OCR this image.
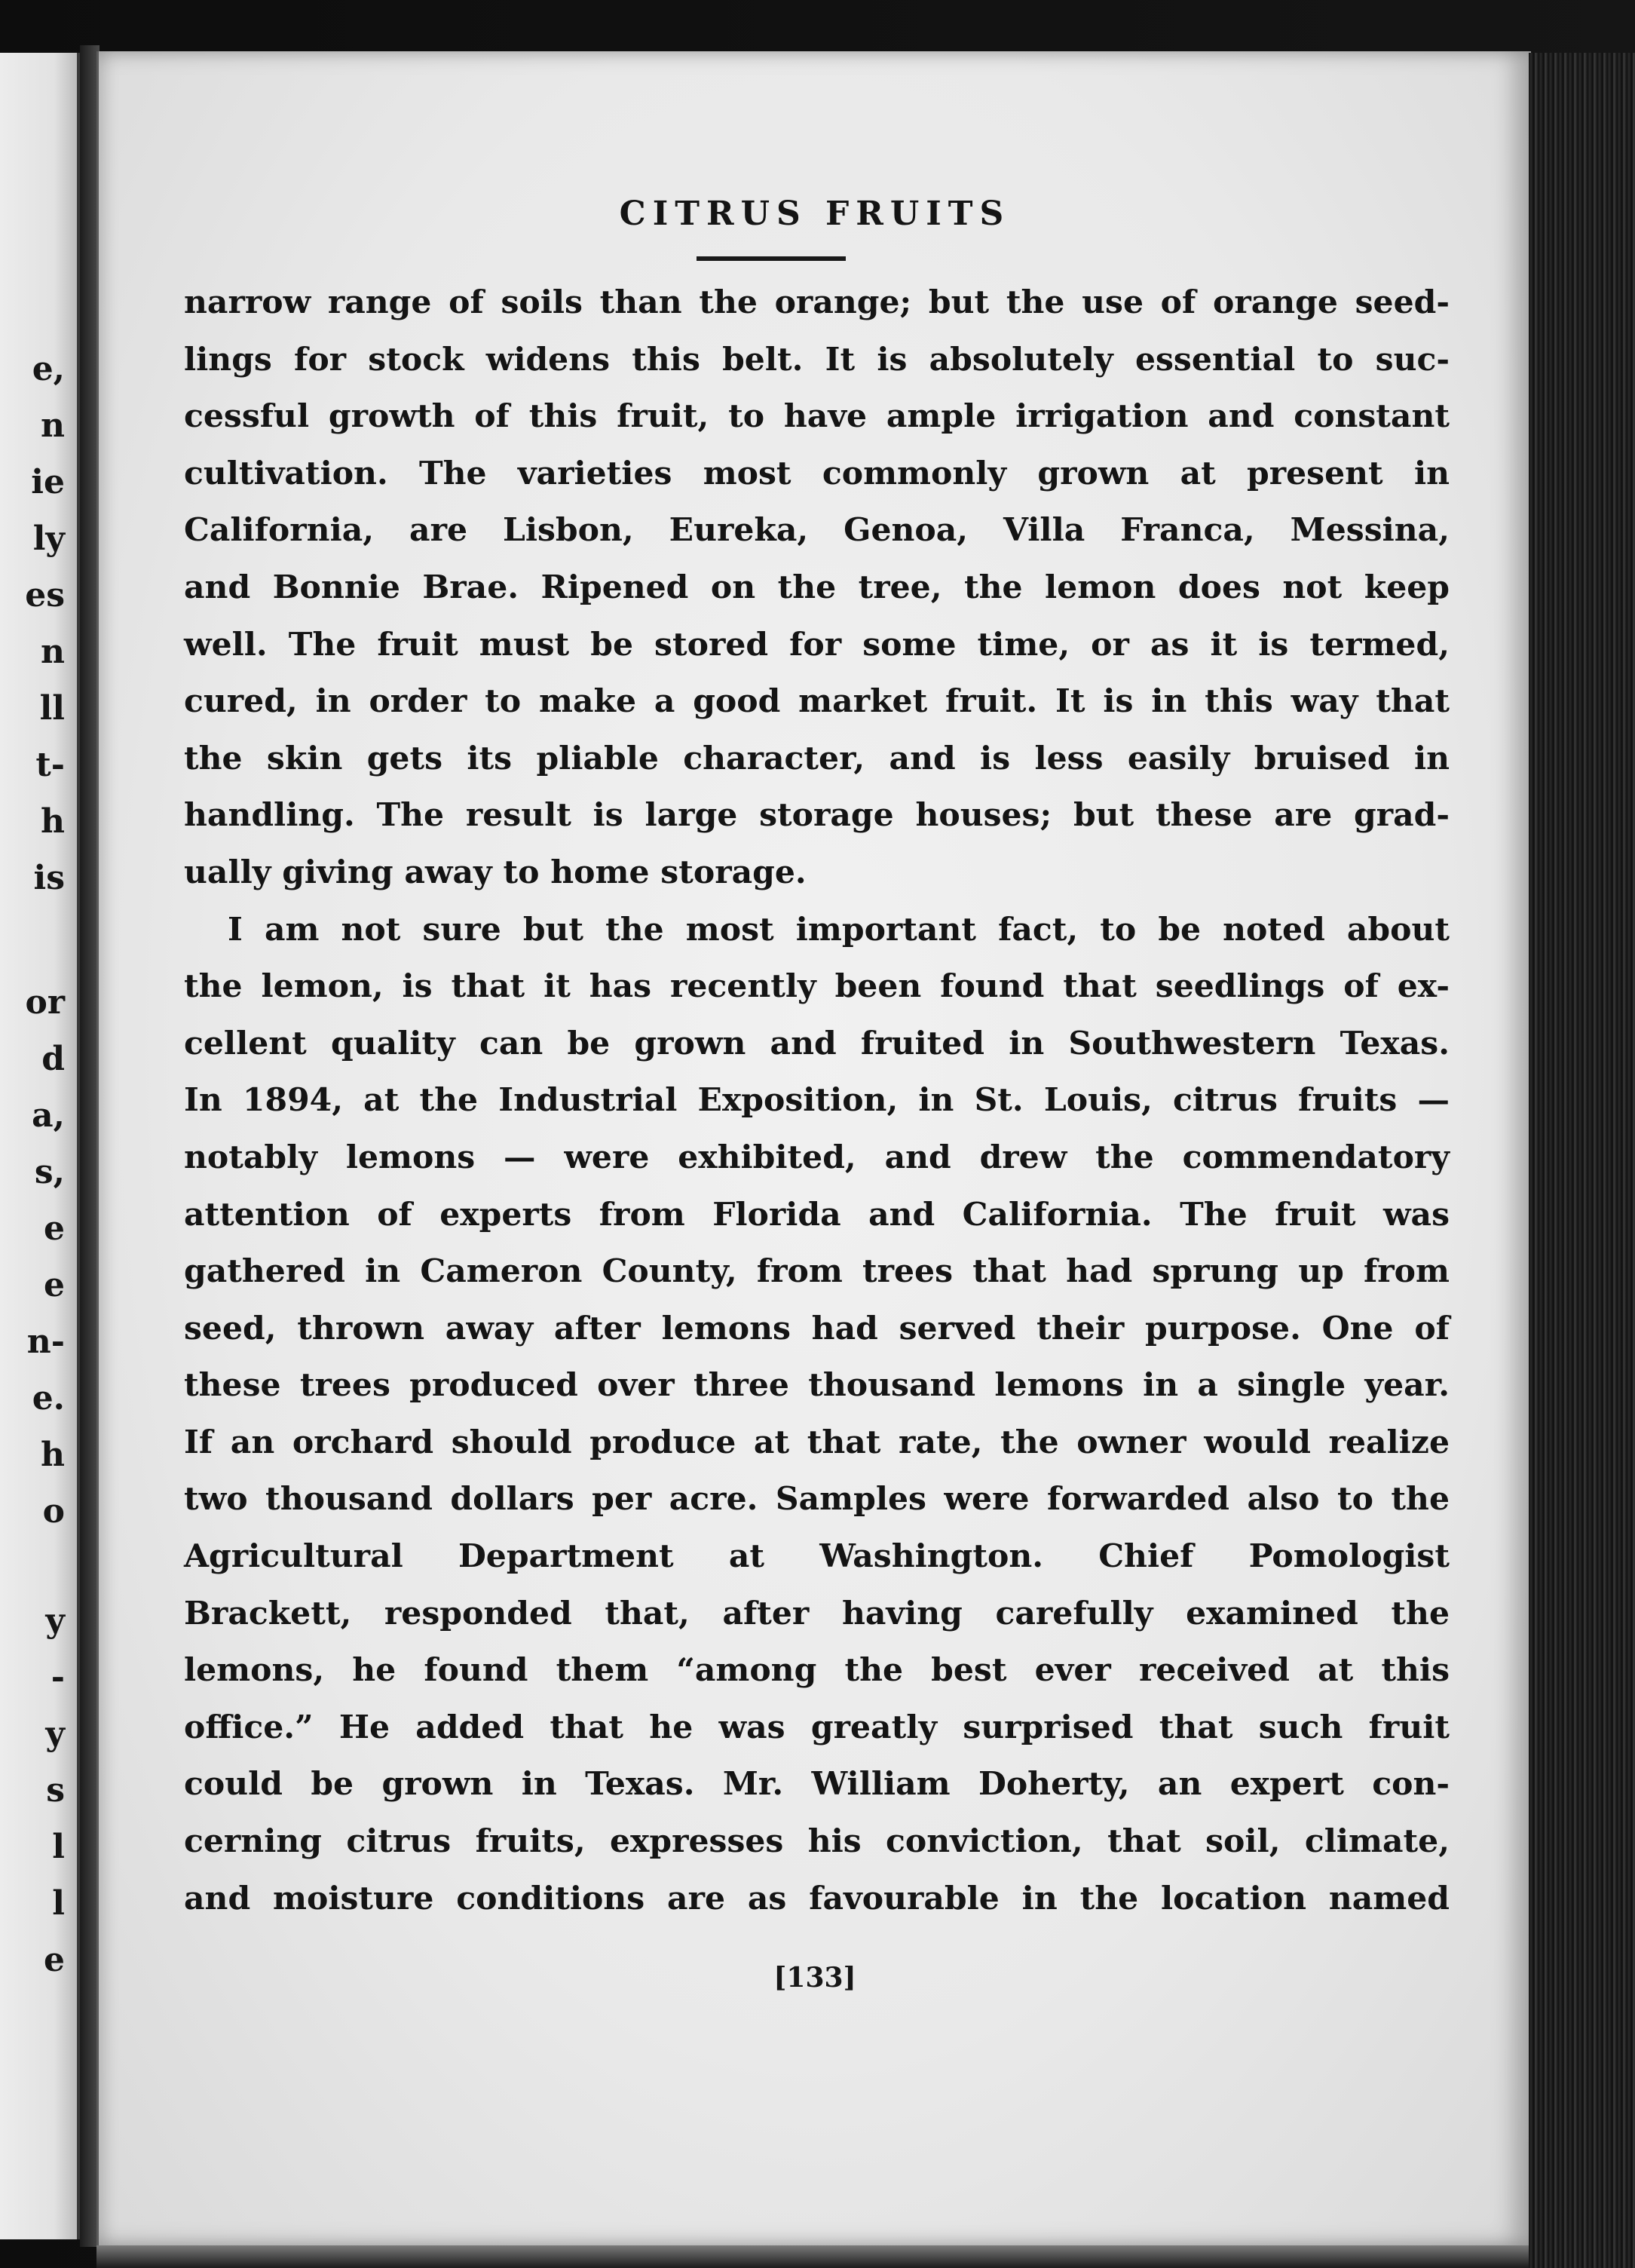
e,
n
ie
ly
es
n
ll
t-
h
is
or
d
a,
s,
e
e
n-
e.
h
o
y
-
y
s
l
l
e
CITRUS FRUITS
narrow range of soils than the orange; but the use of orange seed-
lings for stock widens this belt. It is absolutely essential to suc-
cessful growth of this fruit, to have ample irrigation and constant
cultivation. The varieties most commonly grown at present in
California, are Lisbon, Eureka, Genoa, Villa Franca, Messina,
and Bonnie Brae. Ripened on the tree, the lemon does not keep
well. The fruit must be stored for some time, or as it is termed,
cured, in order to make a good market fruit. It is in this way that
the skin gets its pliable character, and is less easily bruised in
handling. The result is large storage houses; but these are grad-
ually giving away to home storage.
I am not sure but the most important fact, to be noted about
the lemon, is that it has recently been found that seedlings of ex-
cellent quality can be grown and fruited in Southwestern Texas.
In 1894, at the Industrial Exposition, in St. Louis, citrus fruits —
notably lemons — were exhibited, and drew the commendatory
attention of experts from Florida and California. The fruit was
gathered in Cameron County, from trees that had sprung up from
seed, thrown away after lemons had served their purpose. One of
these trees produced over three thousand lemons in a single year.
If an orchard should produce at that rate, the owner would realize
two thousand dollars per acre. Samples were forwarded also to the
Agricultural Department at Washington. Chief Pomologist
Brackett, responded that, after having carefully examined the
lemons, he found them “among the best ever received at this
office.” He added that he was greatly surprised that such fruit
could be grown in Texas. Mr. William Doherty, an expert con-
cerning citrus fruits, expresses his conviction, that soil, climate,
and moisture conditions are as favourable in the location named
[133]
